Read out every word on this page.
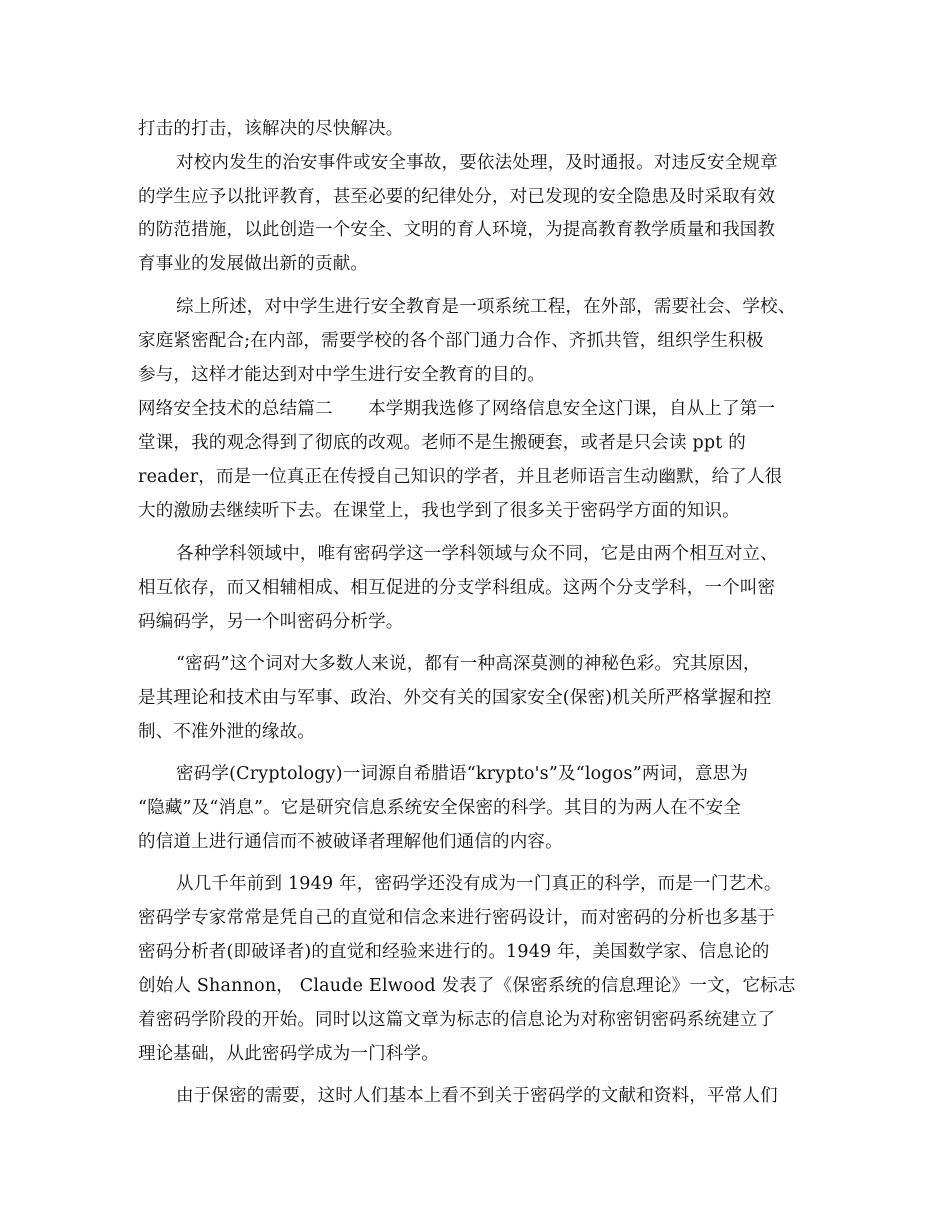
打击的打击，该解决的尽快解决。
对校内发生的治安事件或安全事故，要依法处理，及时通报。对违反安全规章
的学生应予以批评教育，甚至必要的纪律处分，对已发现的安全隐患及时采取有效
的防范措施，以此创造一个安全、文明的育人环境，为提高教育教学质量和我国教
育事业的发展做出新的贡献。
综上所述，对中学生进行安全教育是一项系统工程，在外部，需要社会、学校、
家庭紧密配合;在内部，需要学校的各个部门通力合作、齐抓共管，组织学生积极
参与，这样才能达到对中学生进行安全教育的目的。
网络安全技术的总结篇二　　本学期我选修了网络信息安全这门课，自从上了第一
堂课，我的观念得到了彻底的改观。老师不是生搬硬套，或者是只会读 ppt 的
reader，而是一位真正在传授自己知识的学者，并且老师语言生动幽默，给了人很
大的激励去继续听下去。在课堂上，我也学到了很多关于密码学方面的知识。
各种学科领域中，唯有密码学这一学科领域与众不同，它是由两个相互对立、
相互依存，而又相辅相成、相互促进的分支学科组成。这两个分支学科，一个叫密
码编码学，另一个叫密码分析学。
“密码”这个词对大多数人来说，都有一种高深莫测的神秘色彩。究其原因，
是其理论和技术由与军事、政治、外交有关的国家安全(保密)机关所严格掌握和控
制、不准外泄的缘故。
密码学(Cryptology)一词源自希腊语“krypto's”及“logos”两词，意思为
“隐藏”及“消息”。它是研究信息系统安全保密的科学。其目的为两人在不安全
的信道上进行通信而不被破译者理解他们通信的内容。
从几千年前到 1949 年，密码学还没有成为一门真正的科学，而是一门艺术。
密码学专家常常是凭自己的直觉和信念来进行密码设计，而对密码的分析也多基于
密码分析者(即破译者)的直觉和经验来进行的。1949 年，美国数学家、信息论的
创始人 Shannon， Claude Elwood 发表了《保密系统的信息理论》一文，它标志
着密码学阶段的开始。同时以这篇文章为标志的信息论为对称密钥密码系统建立了
理论基础，从此密码学成为一门科学。
由于保密的需要，这时人们基本上看不到关于密码学的文献和资料，平常人们
